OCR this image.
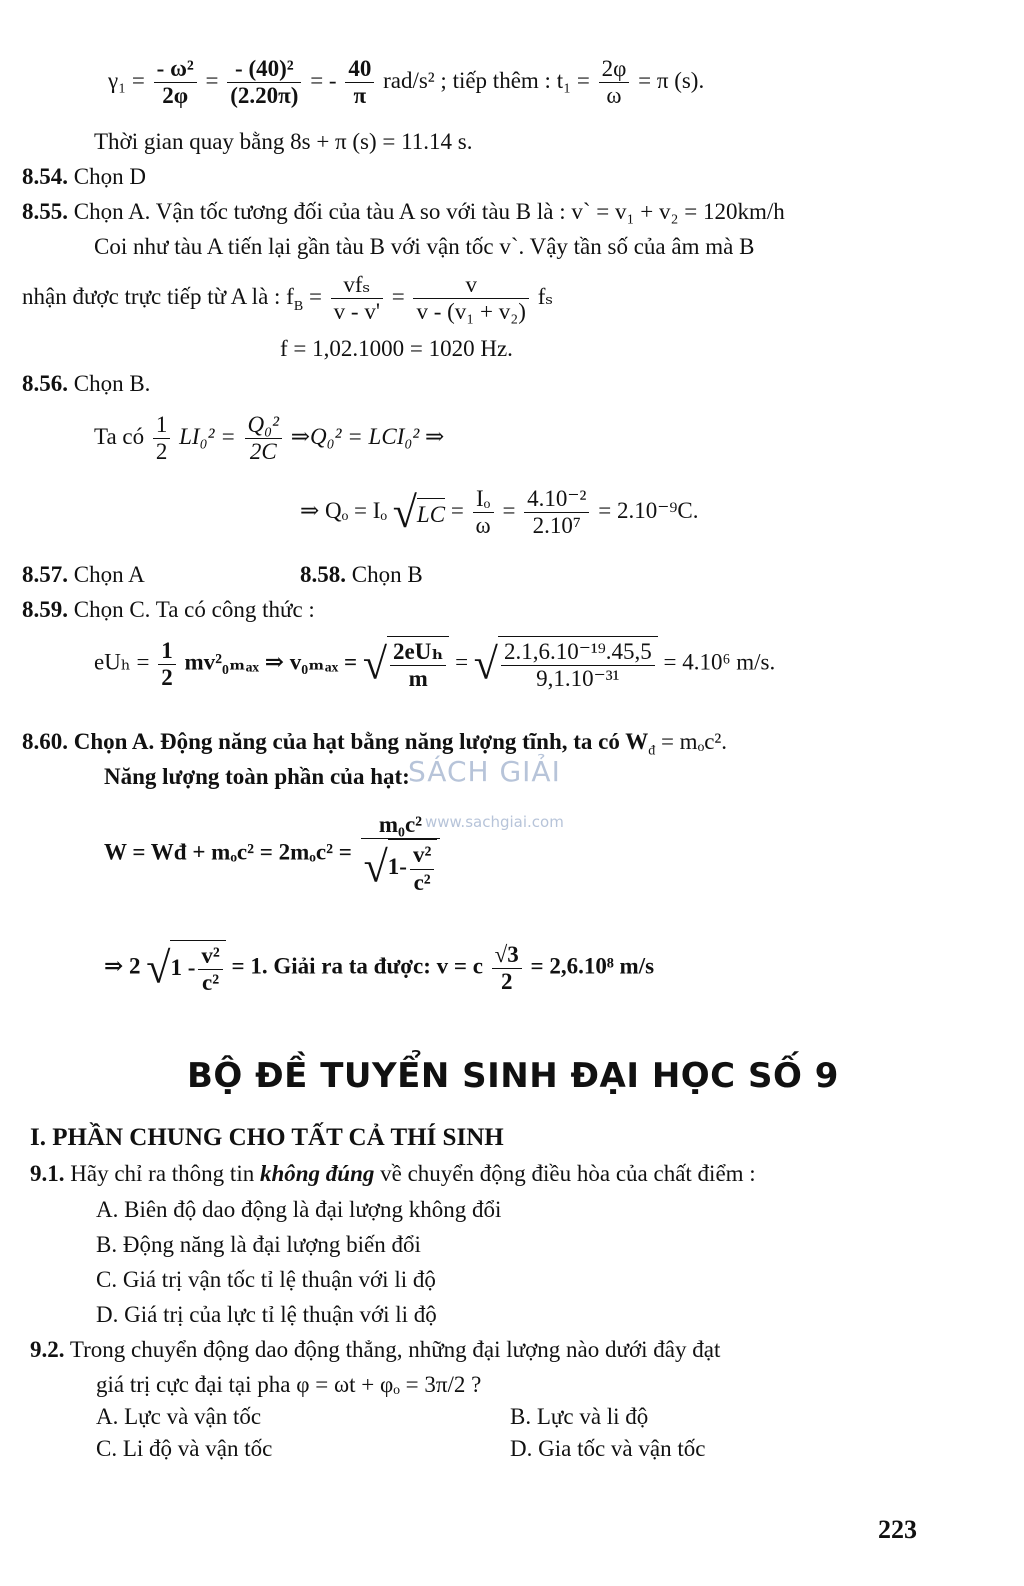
$\gamma_1 = \frac{\text{- ω²}}{2\varphi} = \frac{\text{- (40)²}}{(2.20\pi)}$ = - $\frac{40}{\pi} rad/s^2$ ; tiếp thêm : $t_1 = \frac{2\varphi}{\omega} = \pi$ (s).
Thời gian quay bằng 8s + π (s) = 11.14 s.
8.54. Chọn D
8.55. Chọn A. Vận tốc tương đối của tàu A so với tàu B là : v` = v₁ + v₂ = 120km/h
Coi như tàu A tiến lại gần tàu B với vận tốc v`. Vậy tần số của âm mà B
nhận được trực tiếp từ A là : $f_B = \frac{\text{vfₛ}}{v - v'} = \frac{v}{\text{v - (v₁ + v₂)}}$ fₛ
f = 1,02.1000 = 1020 Hz.
8.56. Chọn B.
Ta có $\frac{1}{2} LI_0^2 = \frac{\text{Q₀²}}{2C}$ ⇒Q₀² = LCI₀² ⇒
⇒ Qₒ = Iₒ $√LC = \frac{\text{Iₒ}}{\omega} = \frac{\text{4.10⁻²}}{\text{2.10⁷}} = 2.10^{-9}C$.
8.57. Chọn A	8.58. Chọn B
8.59. Chọn C. Ta có công thức :
$eU_h = \frac{1}{2} mv^2_{0max}$ ⇒ v₀ₘₐₓ = √ $\frac{\text{2eUₕ}}{m}$ = √ $\frac{\text{2.1,6.10⁻¹⁹.45,5}}{\text{9,1.10⁻³¹}} = 4.10^6$ m/s.
8.60. Chọn A. Động năng của hạt bằng năng lượng tĩnh, ta có $W_đ = m_oc^2$.
Năng lượng toàn phần của hạt:
SÁCH GIẢI
www.sachgiai.com
W = Wđ + $m_oc^2 = 2m_oc^2 = \frac{\text{m₀c²}}{√1- \frac{\text{v²}}{\text{c²}}}$
⇒ 2 $√1 - \frac{\text{v²}}{\text{c²}} = 1$. Giải ra ta được: v = c $\frac{√3}{2} = 2,6.10^8$ m/s
BỘ ĐỀ TUYỂN SINH ĐẠI HỌC SỐ 9
I. PHẦN CHUNG CHO TẤT CẢ THÍ SINH
9.1. Hãy chỉ ra thông tin không đúng về chuyển động điều hòa của chất điểm :
A. Biên độ dao động là đại lượng không đổi
B. Động năng là đại lượng biến đổi
C. Giá trị vận tốc tỉ lệ thuận với li độ
D. Giá trị của lực tỉ lệ thuận với li độ
9.2. Trong chuyển động dao động thẳng, những đại lượng nào dưới đây đạt
giá trị cực đại tại pha φ = ωt + φₒ = 3π/2 ?
A. Lực và vận tốc	B. Lực và li độ
C. Li độ và vận tốc	D. Gia tốc và vận tốc
223
